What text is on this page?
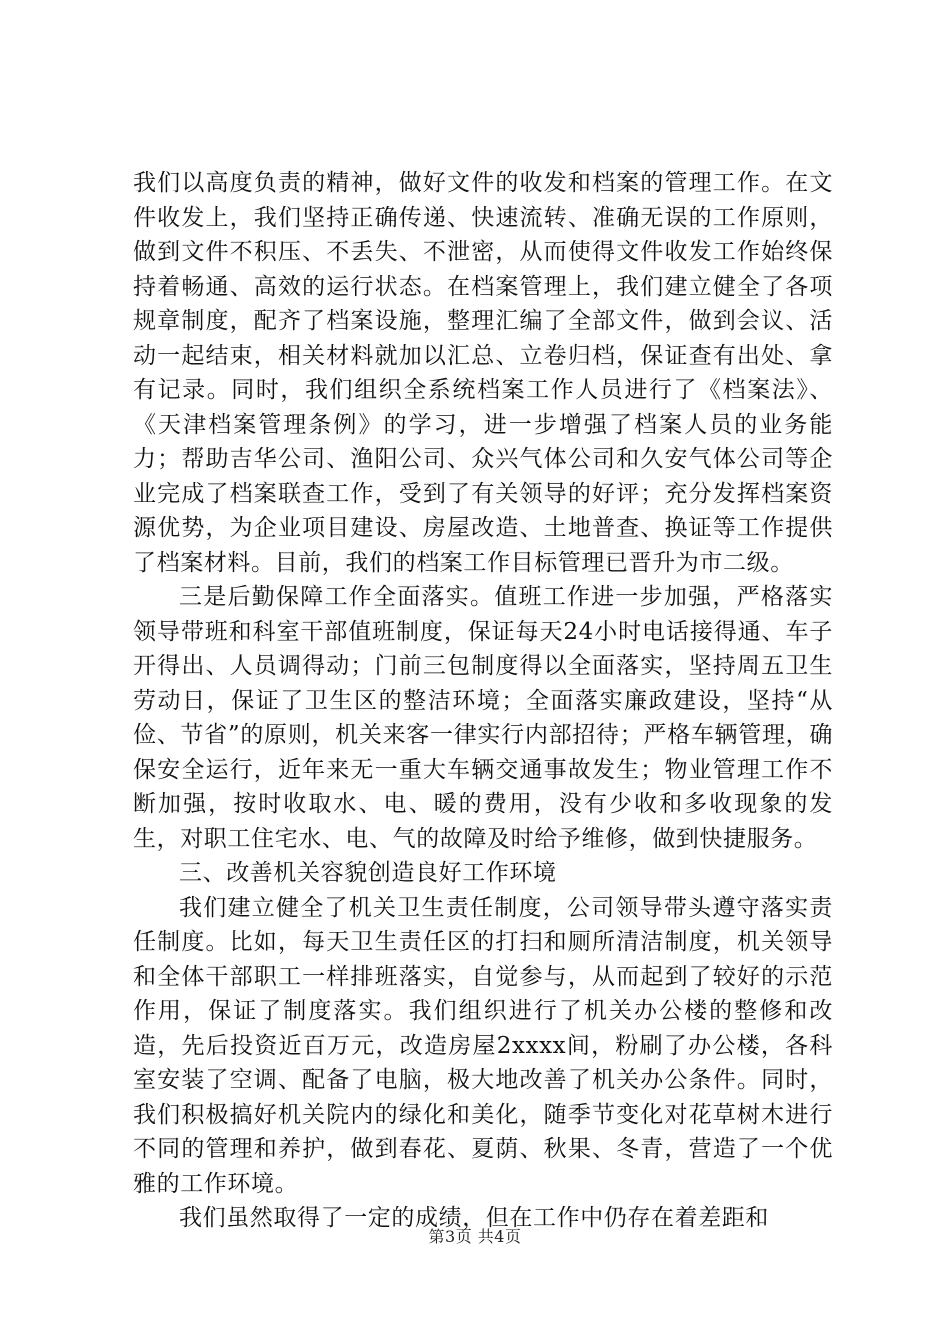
我们以高度负责的精神，做好文件的收发和档案的管理工作。在文件收发上，我们坚持正确传递、快速流转、准确无误的工作原则，做到文件不积压、不丢失、不泄密，从而使得文件收发工作始终保持着畅通、高效的运行状态。在档案管理上，我们建立健全了各项规章制度，配齐了档案设施，整理汇编了全部文件，做到会议、活动一起结束，相关材料就加以汇总、立卷归档，保证查有出处、拿有记录。同时，我们组织全系统档案工作人员进行了《档案法》、《天津档案管理条例》的学习，进一步增强了档案人员的业务能力；帮助吉华公司、渔阳公司、众兴气体公司和久安气体公司等企业完成了档案联查工作，受到了有关领导的好评；充分发挥档案资源优势，为企业项目建设、房屋改造、土地普查、换证等工作提供了档案材料。目前，我们的档案工作目标管理已晋升为市二级。

三是后勤保障工作全面落实。值班工作进一步加强，严格落实领导带班和科室干部值班制度，保证每天24小时电话接得通、车子开得出、人员调得动；门前三包制度得以全面落实，坚持周五卫生劳动日，保证了卫生区的整洁环境；全面落实廉政建设，坚持“从俭、节省”的原则，机关来客一律实行内部招待；严格车辆管理，确保安全运行，近年来无一重大车辆交通事故发生；物业管理工作不断加强，按时收取水、电、暖的费用，没有少收和多收现象的发生，对职工住宅水、电、气的故障及时给予维修，做到快捷服务。

三、改善机关容貌创造良好工作环境

我们建立健全了机关卫生责任制度，公司领导带头遵守落实责任制度。比如，每天卫生责任区的打扫和厕所清洁制度，机关领导和全体干部职工一样排班落实，自觉参与，从而起到了较好的示范作用，保证了制度落实。我们组织进行了机关办公楼的整修和改造，先后投资近百万元，改造房屋2xxxx间，粉刷了办公楼，各科室安装了空调、配备了电脑，极大地改善了机关办公条件。同时，我们积极搞好机关院内的绿化和美化，随季节变化对花草树木进行不同的管理和养护，做到春花、夏荫、秋果、冬青，营造了一个优雅的工作环境。

我们虽然取得了一定的成绩，但在工作中仍存在着差距和

第3页 共4页
